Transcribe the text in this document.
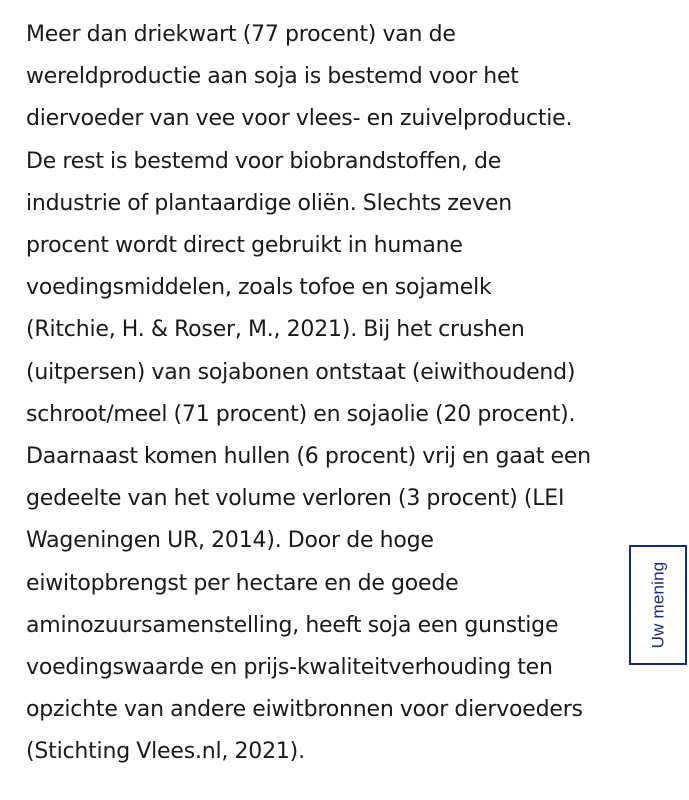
Meer dan driekwart (77 procent) van de
wereldproductie aan soja is bestemd voor het
diervoeder van vee voor vlees- en zuivelproductie.
De rest is bestemd voor biobrandstoffen, de
industrie of plantaardige oliën. Slechts zeven
procent wordt direct gebruikt in humane
voedingsmiddelen, zoals tofoe en sojamelk
(Ritchie, H. & Roser, M., 2021). Bij het crushen
(uitpersen) van sojabonen ontstaat (eiwithoudend)
schroot/meel (71 procent) en sojaolie (20 procent).
Daarnaast komen hullen (6 procent) vrij en gaat een
gedeelte van het volume verloren (3 procent) (LEI
Wageningen UR, 2014). Door de hoge
eiwitopbrengst per hectare en de goede
aminozuursamenstelling, heeft soja een gunstige
voedingswaarde en prijs-kwaliteitverhouding ten
opzichte van andere eiwitbronnen voor diervoeders
(Stichting Vlees.nl, 2021).

Uw mening
